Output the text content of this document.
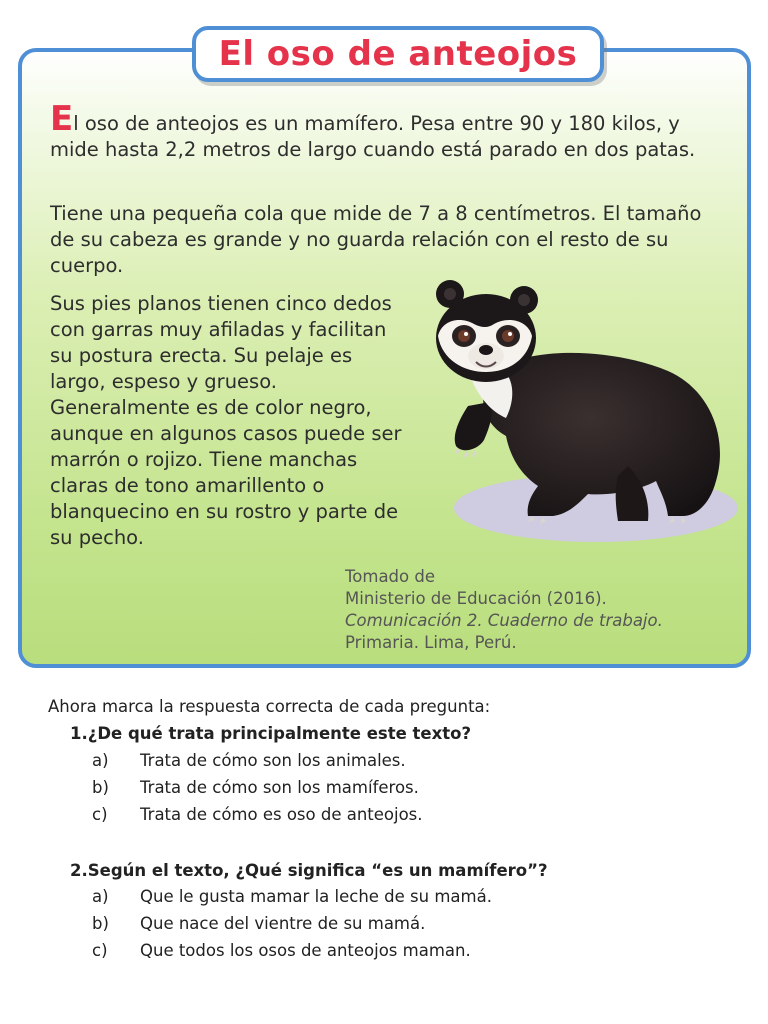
El oso de anteojos

El oso de anteojos es un mamífero. Pesa entre 90 y 180 kilos, y mide hasta 2,2 metros de largo cuando está parado en dos patas.

Tiene una pequeña cola que mide de 7 a 8 centímetros. El tamaño de su cabeza es grande y no guarda relación con el resto de su cuerpo.

Sus pies planos tienen cinco dedos con garras muy afiladas y facilitan su postura erecta. Su pelaje es largo, espeso y grueso. Generalmente es de color negro, aunque en algunos casos puede ser marrón o rojizo. Tiene manchas claras de tono amarillento o blanquecino en su rostro y parte de su pecho.

Tomado de
Ministerio de Educación (2016).
Comunicación 2. Cuaderno de trabajo.
Primaria. Lima, Perú.
Ahora marca la respuesta correcta de cada pregunta:
1.¿De qué trata principalmente este texto?
a) Trata de cómo son los animales.
b) Trata de cómo son los mamíferos.
c) Trata de cómo es oso de anteojos.
2.Según el texto, ¿Qué significa “es un mamífero”?
a) Que le gusta mamar la leche de su mamá.
b) Que nace del vientre de su mamá.
c) Que todos los osos de anteojos maman.
